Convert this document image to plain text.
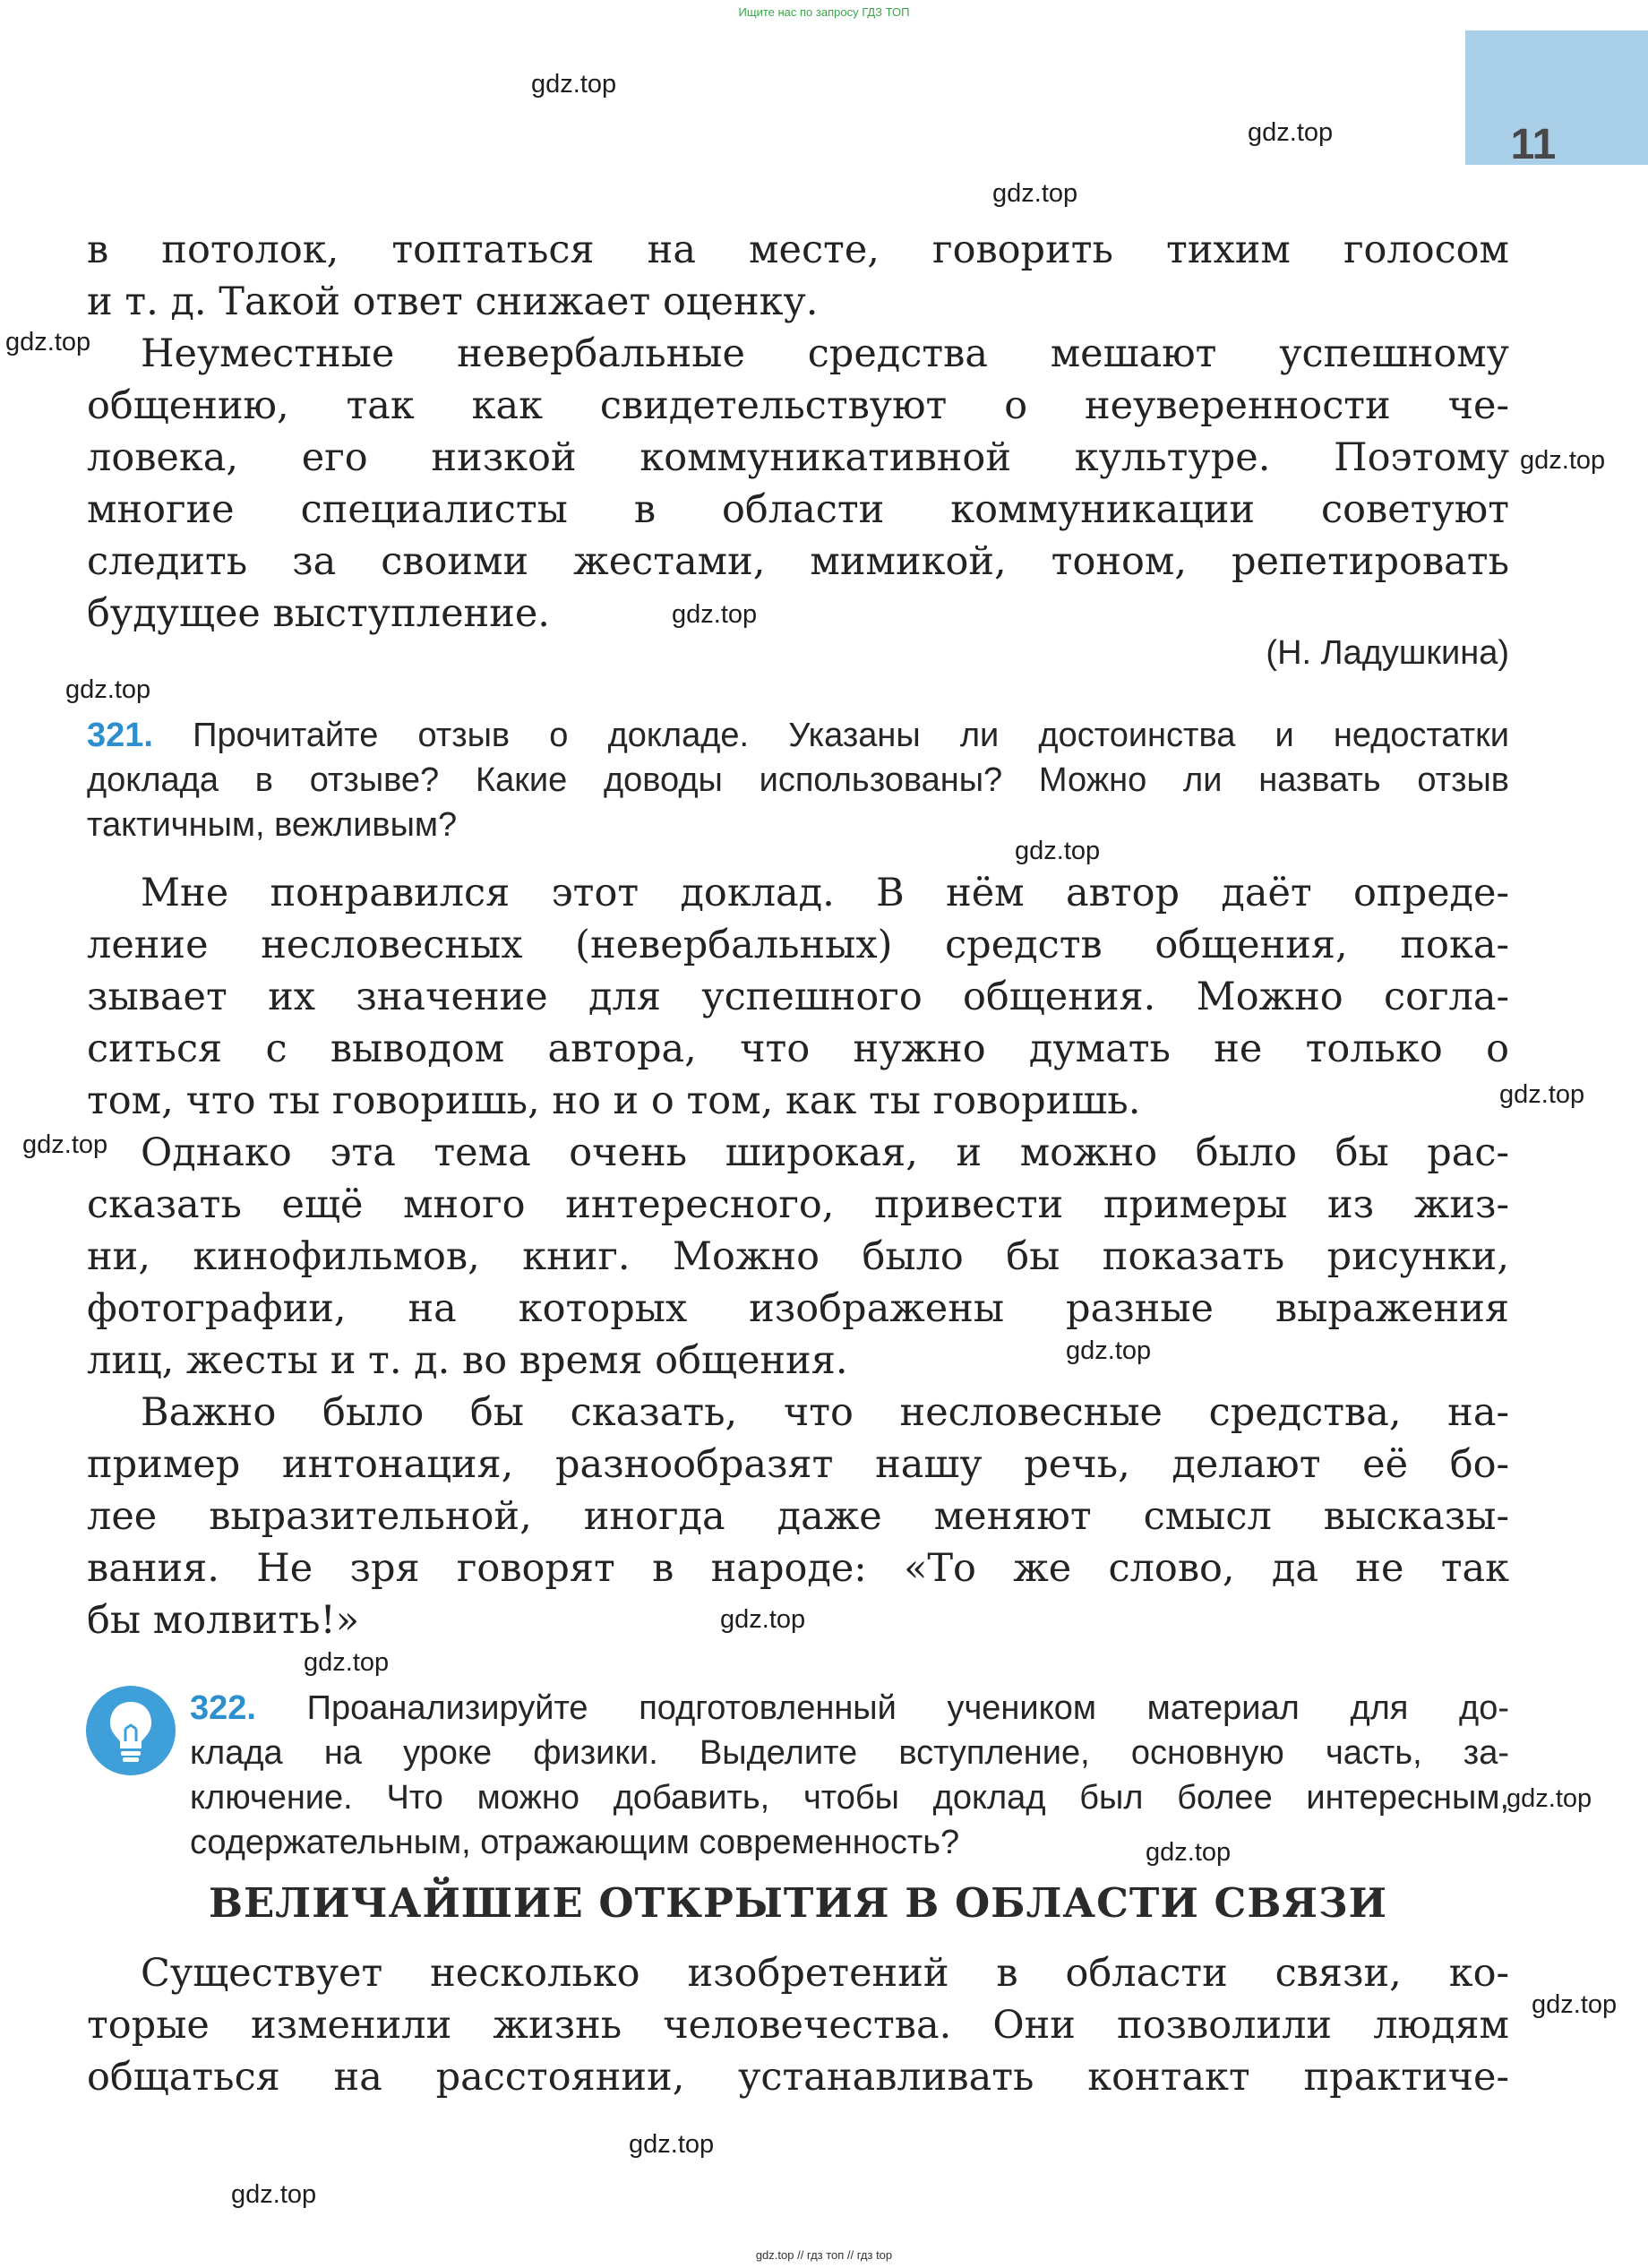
Ищите нас по запросу ГДЗ ТОП
11
в потолок, топтаться на месте, говорить тихим голосом
и т. д. Такой ответ снижает оценку.
Неуместные невербальные средства мешают успешному
общению, так как свидетельствуют о неуверенности че-
ловека, его низкой коммуникативной культуре. Поэтому
многие специалисты в области коммуникации советуют
следить за своими жестами, мимикой, тоном, репетировать
будущее выступление.
(Н. Ладушкина)
321. Прочитайте отзыв о докладе. Указаны ли достоинства и недостатки
доклада в отзыве? Какие доводы использованы? Можно ли назвать отзыв
тактичным, вежливым?
Мне понравился этот доклад. В нём автор даёт опреде-
ление несловесных (невербальных) средств общения, пока-
зывает их значение для успешного общения. Можно согла-
ситься с выводом автора, что нужно думать не только о
том, что ты говоришь, но и о том, как ты говоришь.
Однако эта тема очень широкая, и можно было бы рас-
сказать ещё много интересного, привести примеры из жиз-
ни, кинофильмов, книг. Можно было бы показать рисунки,
фотографии, на которых изображены разные выражения
лиц, жесты и т. д. во время общения.
Важно было бы сказать, что несловесные средства, на-
пример интонация, разнообразят нашу речь, делают её бо-
лее выразительной, иногда даже меняют смысл высказы-
вания. Не зря говорят в народе: «То же слово, да не так
бы молвить!»
322. Проанализируйте подготовленный учеником материал для до-
клада на уроке физики. Выделите вступление, основную часть, за-
ключение. Что можно добавить, чтобы доклад был более интересным,
содержательным, отражающим современность?
ВЕЛИЧАЙШИЕ ОТКРЫТИЯ В ОБЛАСТИ СВЯЗИ
Существует несколько изобретений в области связи, ко-
торые изменили жизнь человечества. Они позволили людям
общаться на расстоянии, устанавливать контакт практиче-
gdz.top
gdz.top
gdz.top
gdz.top
gdz.top
gdz.top
gdz.top
gdz.top
gdz.top
gdz.top
gdz.top
gdz.top
gdz.top
gdz.top
gdz.top
gdz.top
gdz.top
gdz.top
gdz.top // гдз топ // гдз top
